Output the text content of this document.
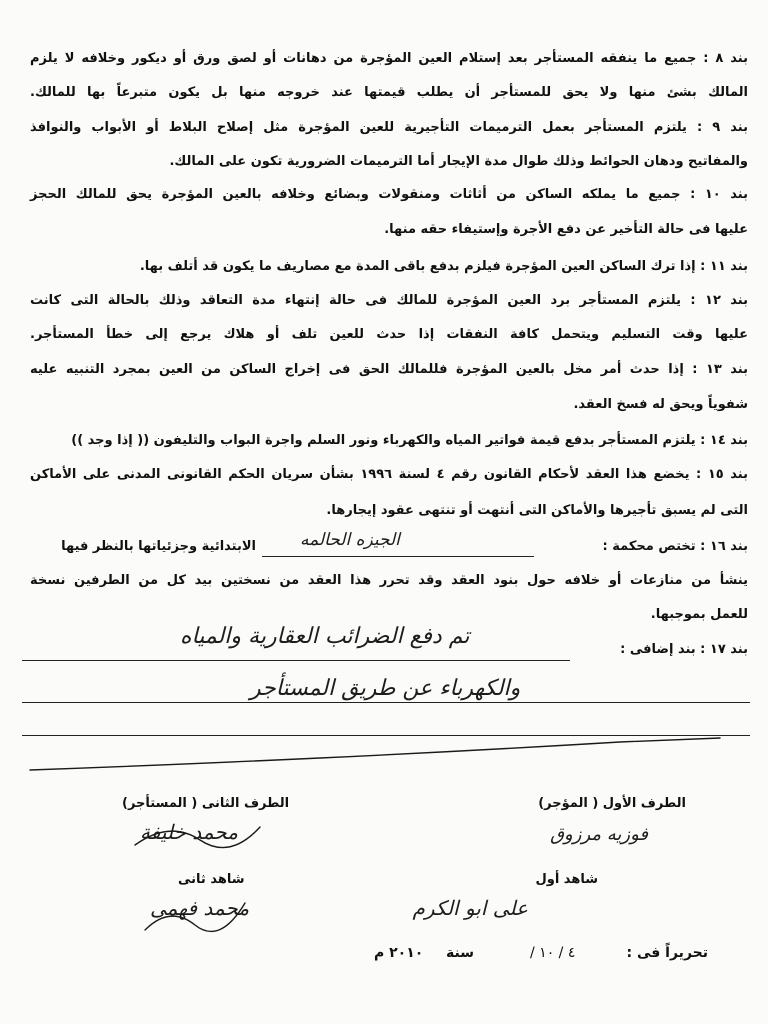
بند ٨ : جميع ما ينفقه المستأجر بعد إستلام العين المؤجرة من دهانات أو لصق ورق أو ديكور وخلافه لا يلزم
المالك بشئ منها ولا يحق للمستأجر أن يطلب قيمتها عند خروجه منها بل يكون متبرعاً بها للمالك.
بند ٩ : يلتزم المستأجر بعمل الترميمات التأجيرية للعين المؤجرة مثل إصلاح البلاط أو الأبواب والنوافذ
والمفاتيح ودهان الحوائط وذلك طوال مدة الإيجار أما الترميمات الضرورية تكون على المالك.
بند ١٠ : جميع ما يملكه الساكن من أثاثات ومنقولات وبضائع وخلافه بالعين المؤجرة يحق للمالك الحجز
عليها فى حالة التأخير عن دفع الأجرة وإستيفاء حقه منها.
بند ١١ : إذا ترك الساكن العين المؤجرة فيلزم بدفع باقى المدة مع مصاريف ما يكون قد أتلف بها.
بند ١٢ : يلتزم المستأجر برد العين المؤجرة للمالك فى حالة إنتهاء مدة التعاقد وذلك بالحالة التى كانت
عليها وقت التسليم ويتحمل كافة النفقات إذا حدث للعين تلف أو هلاك يرجع إلى خطأ المستأجر.
بند ١٣ : إذا حدث أمر مخل بالعين المؤجرة فللمالك الحق فى إخراج الساكن من العين بمجرد التنبيه عليه
شفوياً ويحق له فسخ العقد.
بند ١٤ : يلتزم المستأجر بدفع قيمة فواتير المياه والكهرباء ونور السلم واجرة البواب والتليفون (( إذا وجد ))
بند ١٥ : يخضع هذا العقد لأحكام القانون رقم ٤ لسنة ١٩٩٦ بشأن سريان الحكم القانونى المدنى على الأماكن
التى لم يسبق تأجيرها والأماكن التى أنتهت أو تنتهى عقود إيجارها.
بند ١٦ : تختص محكمة :
الجيزه الحالمه
الابتدائية وجزئياتها بالنظر فيها
ينشأ من منازعات أو خلافه حول بنود العقد وقد تحرر هذا العقد من نسختين بيد كل من الطرفين نسخة
للعمل بموجبها.
بند ١٧ : بند إضافى :
تم دفع الضرائب العقارية والمياه
والكهرباء عن طريق المستأجر
الطرف الأول ( المؤجر)
فوزيه مرزوق
الطرف الثانى ( المستأجر)
محمد خليفة
شاهد أول
على ابو الكرم
شاهد ثانى
محمد فهمى
تحريراً فى :
٤ / ١٠ /
سنة
٢٠١٠ م
